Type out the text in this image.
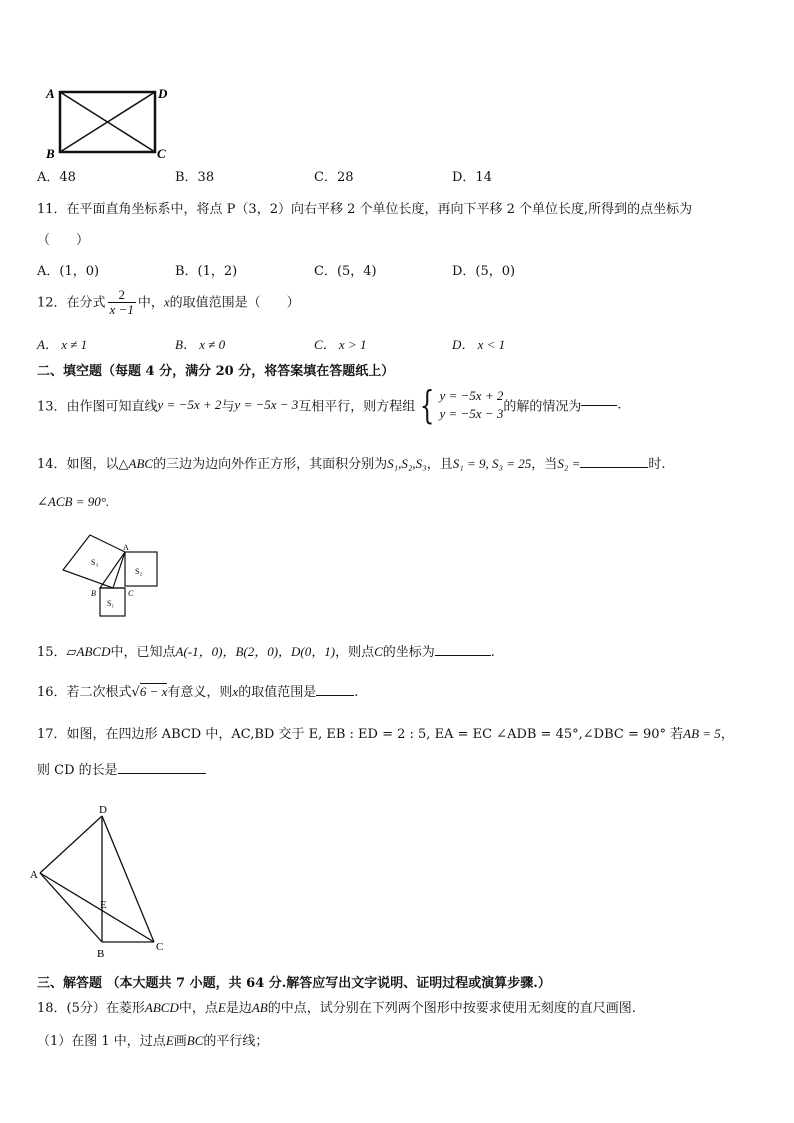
A	D
B	C
A．48	B．38	C．28	D．14
11．在平面直角坐标系中，将点 P（3，2）向右平移 2 个单位长度，再向下平移 2 个单位长度,所得到的点坐标为
（　　）
A．(1，0)	B．(1，2)	C．(5，4)	D．(5，0)
12．在分式 $\frac{2}{x -1}$ 中，x的取值范围是（　　）
A． x ≠ 1	B． x ≠ 0	C． x > 1	D． x < 1
二、填空题（每题 4 分，满分 20 分，将答案填在答题纸上）
13．由作图可知直线y = −5x + 2与y = −5x − 3互相平行，则方程组 { y = −5x + 2
y = −5x − 3的解的情况为	.
14．如图，以△ABC的三边为边向外作正方形，其面积分别为S₁,S₂,S₃，且S₁ = 9, S₃ = 25，当S₂ =	时.
∠ACB = 90°.
A
B	C
S₃
S₂
S₁
15．▱ABCD中，已知点A(-1，0)，B(2，0)，D(0，1)，则点C的坐标为	.
16．若二次根式√6 − x有意义，则x的取值范围是	.
17．如图，在四边形 ABCD 中，AC,BD 交于 E, EB : ED = 2 : 5, EA = EC ∠ADB = 45°,∠DBC = 90° 若AB = 5，
则 CD 的长是
D
A
E
B
C
三、解答题 （本大题共 7 小题，共 64 分.解答应写出文字说明、证明过程或演算步骤.）
18．(5分）在菱形ABCD中，点E是边AB的中点，试分别在下列两个图形中按要求使用无刻度的直尺画图.
（1）在图 1 中，过点E画BC的平行线；
